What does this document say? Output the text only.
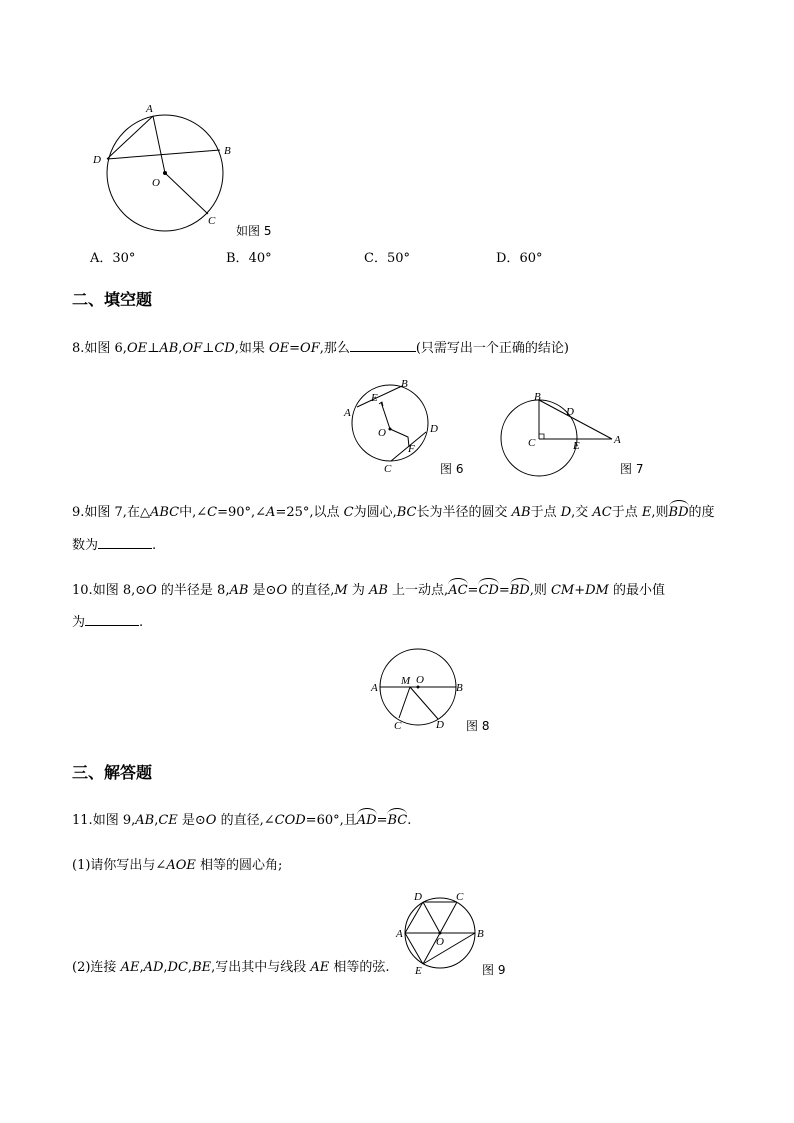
A
B
C
D
O
如图 5
A．30°	B．40°	C．50°	D．60°
二、填空题
8.如图 6,OE⊥AB,OF⊥CD,如果 OE=OF,那么	(只需写出一个正确的结论)
A
B
C
D
E
F
O
图 6
A
B
C
D
E
图 7
9.如图 7,在△ABC中,∠C=90°,∠A=25°,以点 C为圆心,BC长为半径的圆交 AB于点 D,交 AC于点 E,则BD的度
数为	.
10.如图 8,⊙O 的半径是 8,AB 是⊙O 的直径,M 为 AB 上一动点,AC=CD=BD,则 CM+DM 的最小值
为	.
A	B
C	D
M O
图 8
三、解答题
11.如图 9,AB,CE 是⊙O 的直径,∠COD=60°,且AD=BC.
(1)请你写出与∠AOE 相等的圆心角;
A	B
C
D
E
O
(2)连接 AE,AD,DC,BE,写出其中与线段 AE 相等的弦.	图 9
